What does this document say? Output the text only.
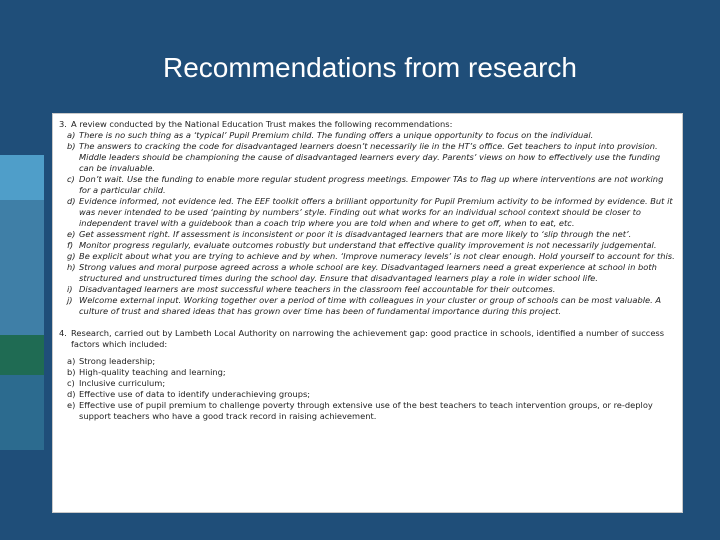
Recommendations from research
3. A review conducted by the National Education Trust makes the following recommendations:
a) There is no such thing as a ‘typical’ Pupil Premium child. The funding offers a unique opportunity to focus on the individual.
b) The answers to cracking the code for disadvantaged learners doesn’t necessarily lie in the HT’s office. Get teachers to input into provision. Middle leaders should be championing the cause of disadvantaged learners every day. Parents’ views on how to effectively use the funding can be invaluable.
c) Don’t wait. Use the funding to enable more regular student progress meetings. Empower TAs to flag up where interventions are not working for a particular child.
d) Evidence informed, not evidence led. The EEF toolkit offers a brilliant opportunity for Pupil Premium activity to be informed by evidence. But it was never intended to be used ‘painting by numbers’ style. Finding out what works for an individual school context should be closer to independent travel with a guidebook than a coach trip where you are told when and where to get off, when to eat, etc.
e) Get assessment right. If assessment is inconsistent or poor it is disadvantaged learners that are more likely to ‘slip through the net’.
f) Monitor progress regularly, evaluate outcomes robustly but understand that effective quality improvement is not necessarily judgemental.
g) Be explicit about what you are trying to achieve and by when. ‘Improve numeracy levels’ is not clear enough. Hold yourself to account for this.
h) Strong values and moral purpose agreed across a whole school are key. Disadvantaged learners need a great experience at school in both structured and unstructured times during the school day. Ensure that disadvantaged learners play a role in wider school life.
i) Disadvantaged learners are most successful where teachers in the classroom feel accountable for their outcomes.
j) Welcome external input. Working together over a period of time with colleagues in your cluster or group of schools can be most valuable. A culture of trust and shared ideas that has grown over time has been of fundamental importance during this project.
4. Research, carried out by Lambeth Local Authority on narrowing the achievement gap: good practice in schools, identified a number of success factors which included:
a) Strong leadership;
b) High-quality teaching and learning;
c) Inclusive curriculum;
d) Effective use of data to identify underachieving groups;
e) Effective use of pupil premium to challenge poverty through extensive use of the best teachers to teach intervention groups, or re-deploy support teachers who have a good track record in raising achievement.
